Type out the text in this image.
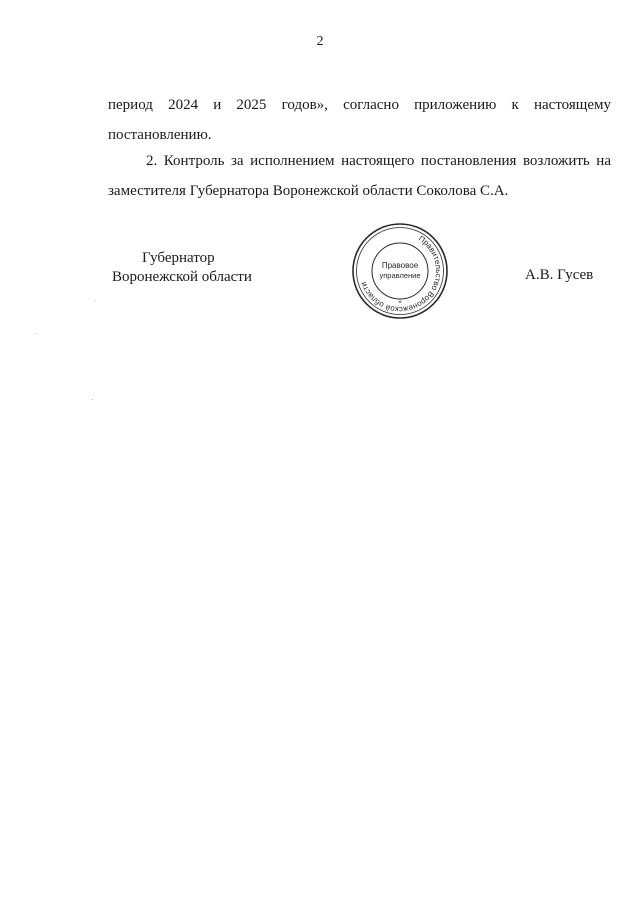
2
период 2024 и 2025 годов», согласно приложению к настоящему
постановлению.
2. Контроль за исполнением настоящего постановления возложить на
заместителя Губернатора Воронежской области Соколова С.А.
Губернатор
Воронежской области
Правительство Воронежской области
Правовое
управление
*
А.В. Гусев
